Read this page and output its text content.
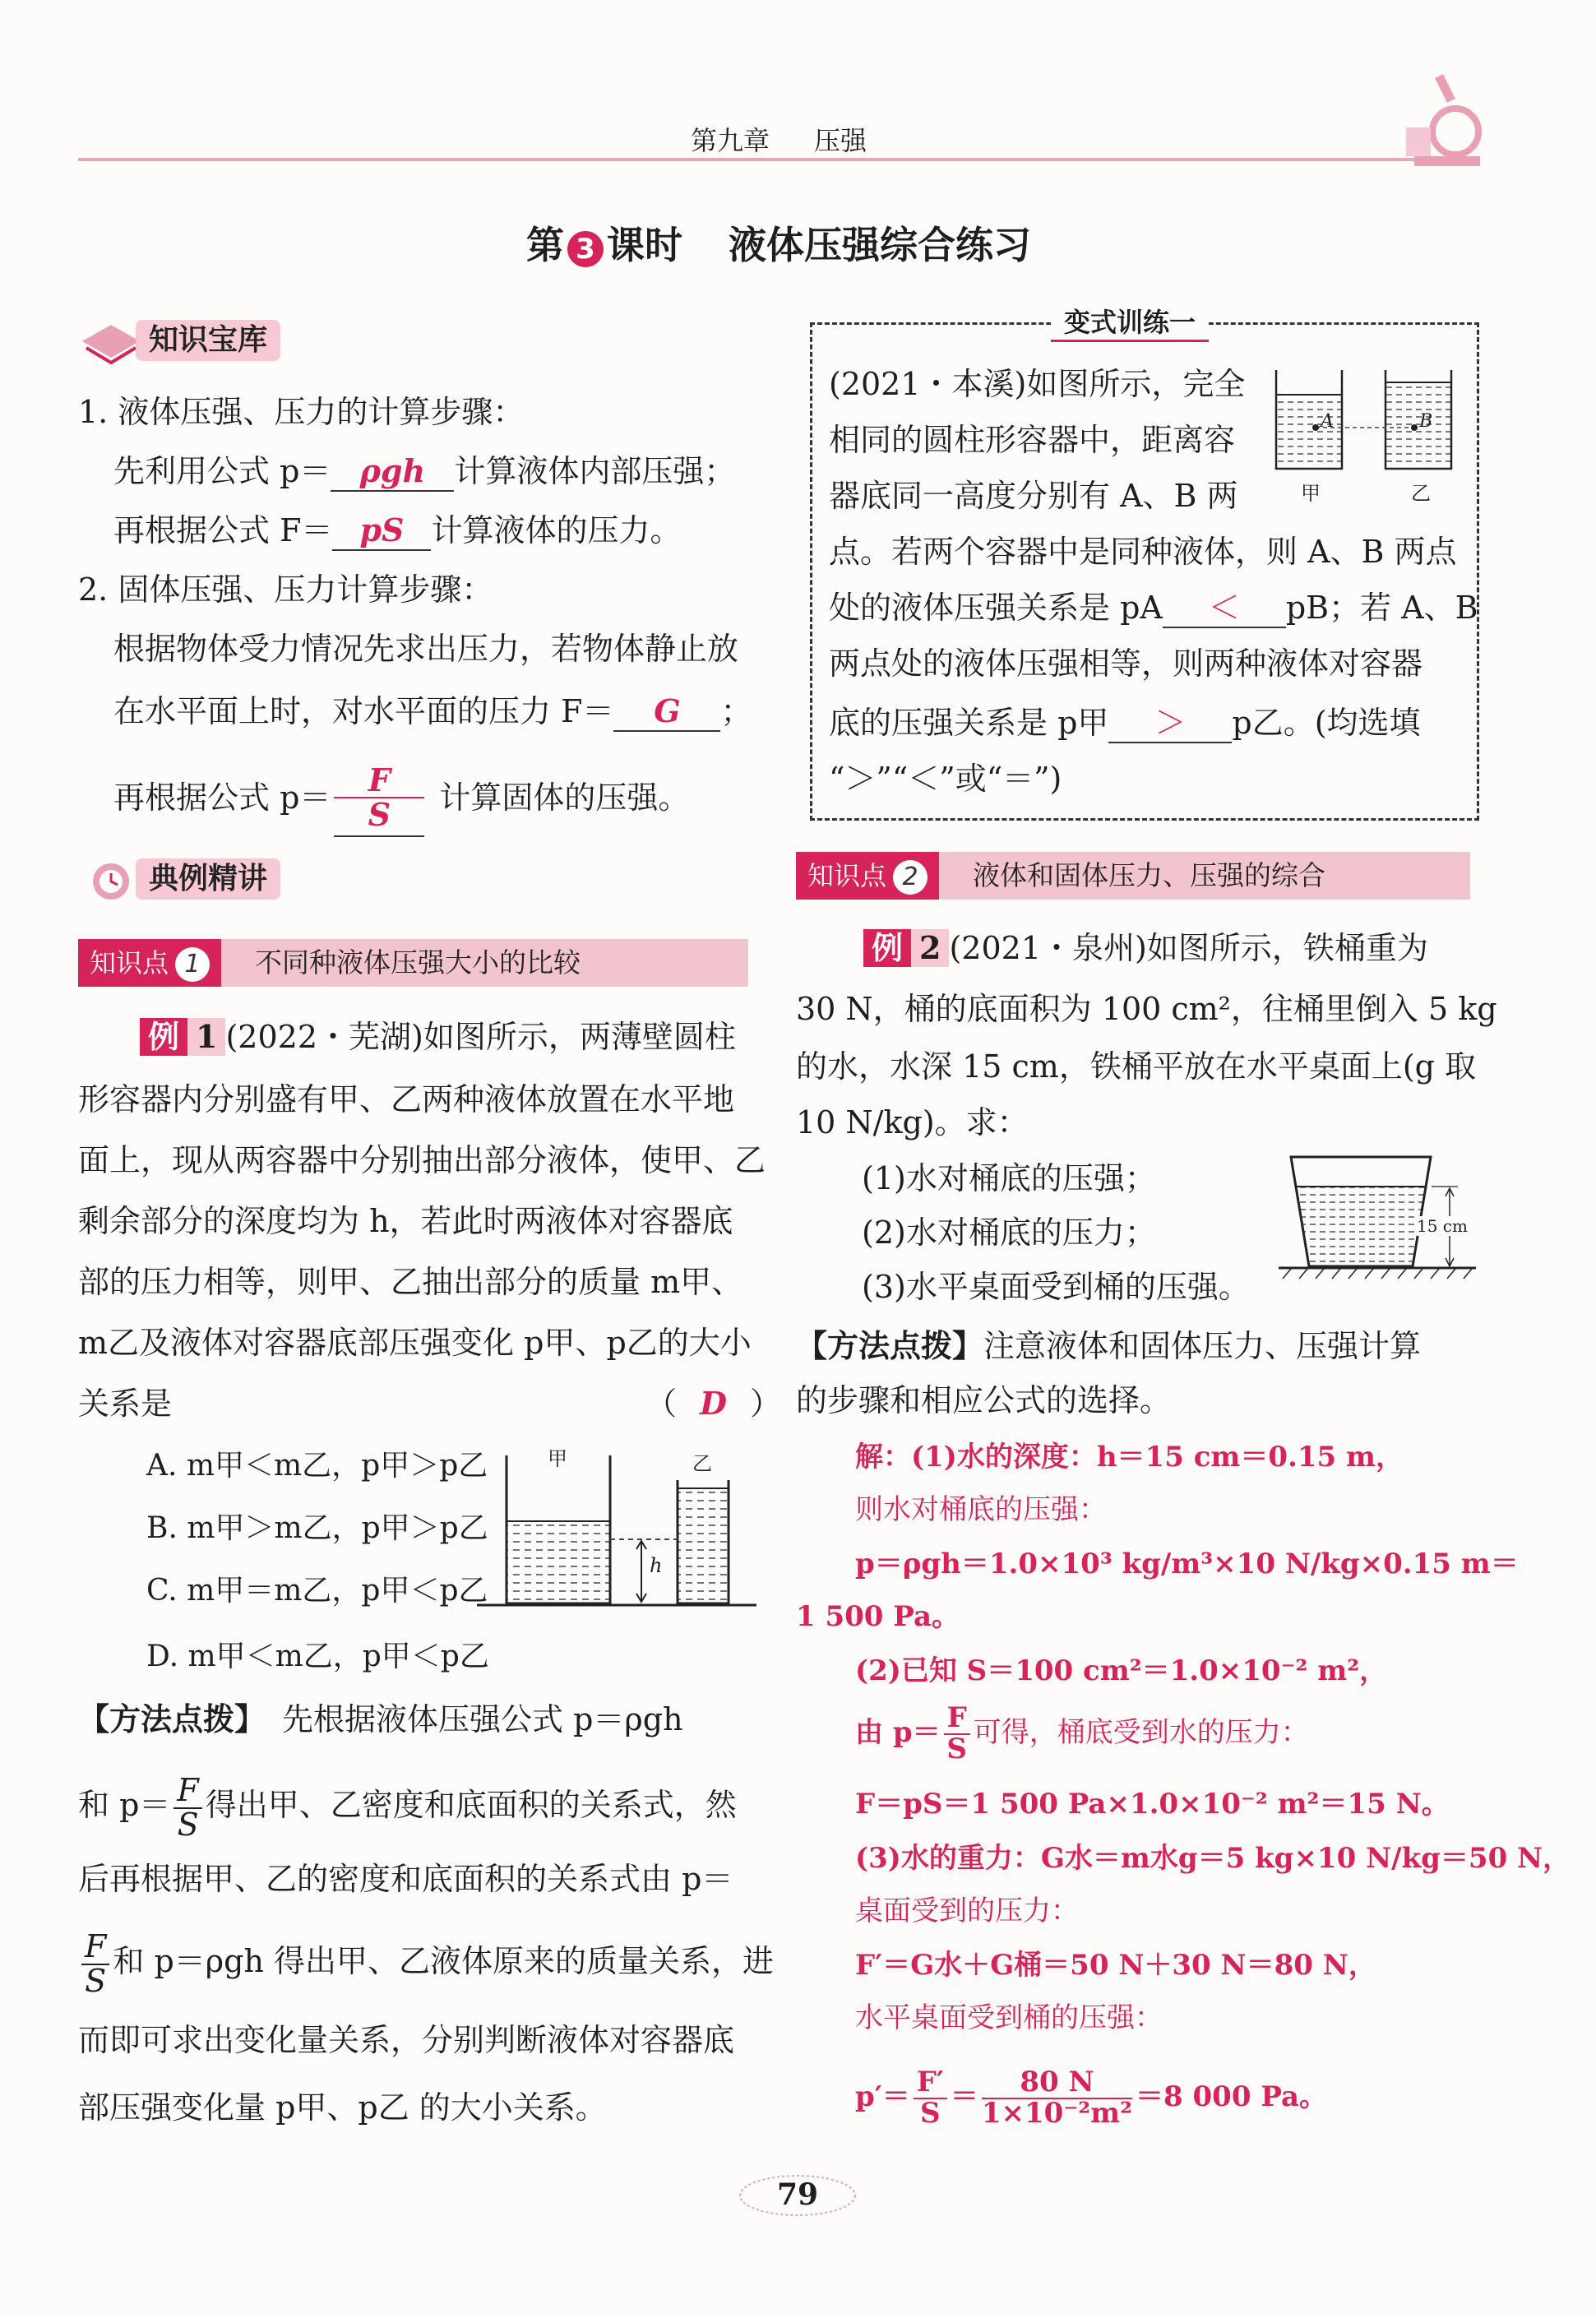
第九章 压强
第 3 课时 液体压强综合练习
知识宝库
1. 液体压强、压力的计算步骤：
先利用公式 p＝ ρgh 计算液体内部压强；
再根据公式 F＝ pS 计算液体的压力。
2. 固体压强、压力计算步骤：
根据物体受力情况先求出压力，若物体静止放
在水平面上时，对水平面的压力 F＝ G ；
再根据公式 $p= \frac{F}{S}$ 计算固体的压强。
典例精讲
知识点 1	不同种液体压强大小的比较
例 1 (2022・芜湖)如图所示，两薄壁圆柱
形容器内分别盛有甲、乙两种液体放置在水平地
面上，现从两容器中分别抽出部分液体，使甲、乙
剩余部分的深度均为 h，若此时两液体对容器底
部的压力相等，则甲、乙抽出部分的质量 m甲、
m乙及液体对容器底部压强变化 p甲、p乙的大小
关系是	（ D ）
A. m甲＜m乙，p甲＞p乙
B. m甲＞m乙，p甲＞p乙
C. m甲＝m乙，p甲＜p乙
D. m甲＜m乙，p甲＜p乙
甲	乙
h
【方法点拨】 先根据液体压强公式 p＝ρgh
和 $p= \frac{F}{S}$ 得出甲、乙密度和底面积的关系式，然
后再根据甲、乙的密度和底面积的关系式由 p＝
$\frac{F}{S}$ 和 p＝ρgh 得出甲、乙液体原来的质量关系，进
而即可求出变化量关系，分别判断液体对容器底
部压强变化量 p甲、p乙 的大小关系。
变式训练一
(2021・本溪)如图所示，完全
相同的圆柱形容器中，距离容
器底同一高度分别有 A、B 两
点。若两个容器中是同种液体，则 A、B 两点
处的液体压强关系是 pA ＜ pB；若 A、B
两点处的液体压强相等，则两种液体对容器
底的压强关系是 p甲 ＞ p乙。(均选填
“＞”“＜”或“＝”)
A	B
甲	乙
知识点 2	液体和固体压力、压强的综合
例 2 (2021・泉州)如图所示，铁桶重为
30 N，桶的底面积为 100 cm²，往桶里倒入 5 kg
的水，水深 15 cm，铁桶平放在水平桌面上(g 取
10 N/kg)。求：
(1)水对桶底的压强；
(2)水对桶底的压力；
(3)水平桌面受到桶的压强。
15 cm
【方法点拨】注意液体和固体压力、压强计算
的步骤和相应公式的选择。
解：(1)水的深度：h＝15 cm＝0.15 m，
则水对桶底的压强：
p＝ρgh＝1.0×10³ kg/m³×10 N/kg×0.15 m＝
1 500 Pa。
(2)已知 S＝100 cm²＝1.0×10⁻² m²，
由 $p= \frac{F}{S}$ 可得，桶底受到水的压力：
F＝pS＝1 500 Pa×1.0×10⁻² m²＝15 N。
(3)水的重力：G水＝m水g＝5 kg×10 N/kg＝50 N，
桌面受到的压力：
F′＝G水＋G桶＝50 N＋30 N＝80 N，
水平桌面受到桶的压强：
$p'= \frac{F'}{S} = \frac{80 N}{\text{1×10⁻²m²}} =8$ 000 Pa。
79
